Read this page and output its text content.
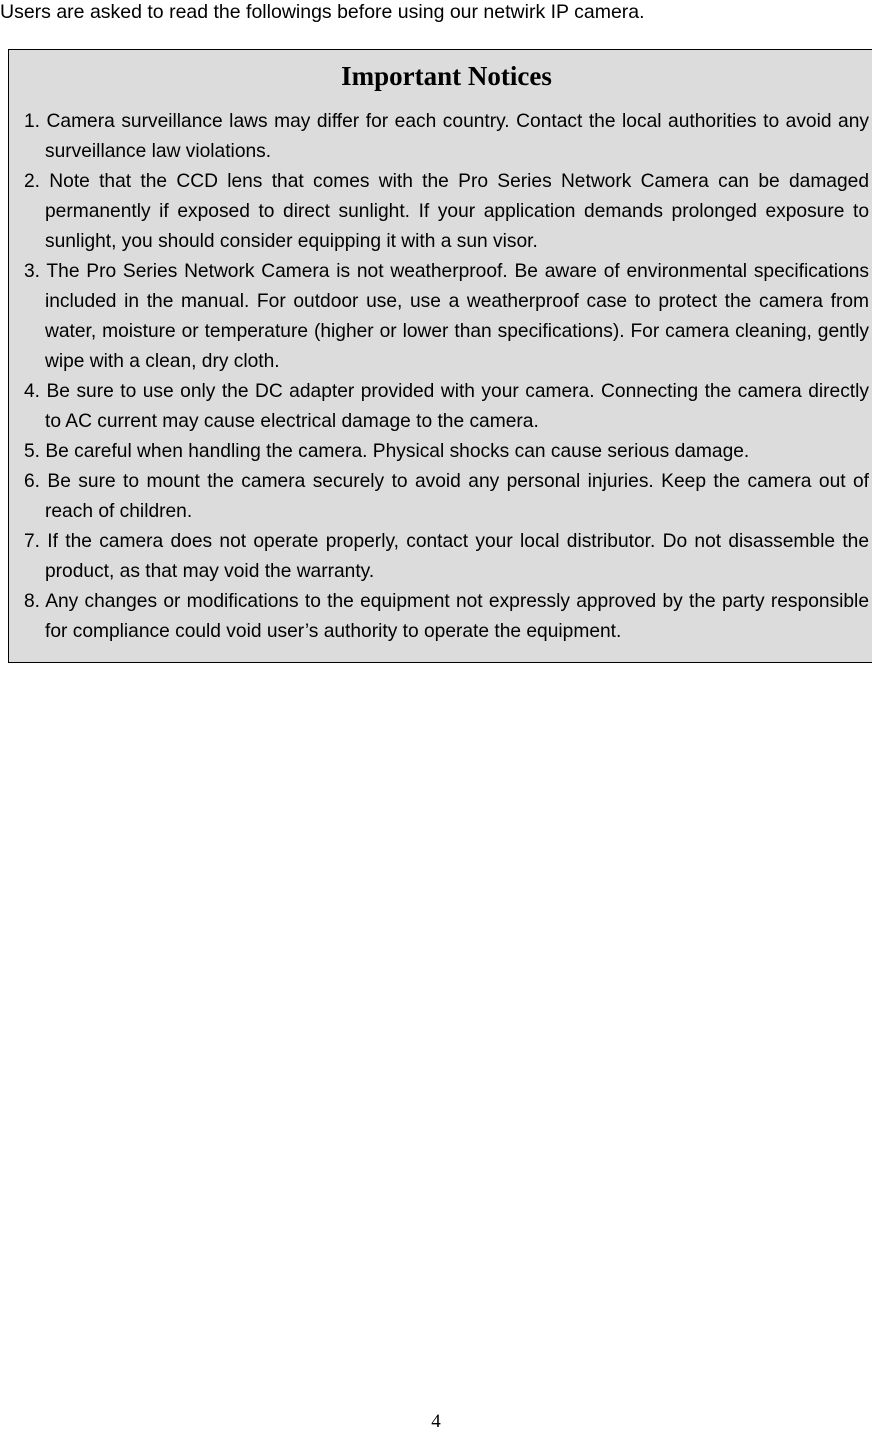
Users are asked to read the followings before using our netwirk IP camera.

Important Notices
1. Camera surveillance laws may differ for each country. Contact the local authorities to avoid any surveillance law violations.
2. Note that the CCD lens that comes with the Pro Series Network Camera can be damaged permanently if exposed to direct sunlight. If your application demands prolonged exposure to sunlight, you should consider equipping it with a sun visor.
3. The Pro Series Network Camera is not weatherproof. Be aware of environmental specifications included in the manual. For outdoor use, use a weatherproof case to protect the camera from water, moisture or temperature (higher or lower than specifications). For camera cleaning, gently wipe with a clean, dry cloth.
4. Be sure to use only the DC adapter provided with your camera. Connecting the camera directly to AC current may cause electrical damage to the camera.
5. Be careful when handling the camera. Physical shocks can cause serious damage.
6. Be sure to mount the camera securely to avoid any personal injuries. Keep the camera out of reach of children.
7. If the camera does not operate properly, contact your local distributor. Do not disassemble the product, as that may void the warranty.
8. Any changes or modifications to the equipment not expressly approved by the party responsible for compliance could void user’s authority to operate the equipment.
4
